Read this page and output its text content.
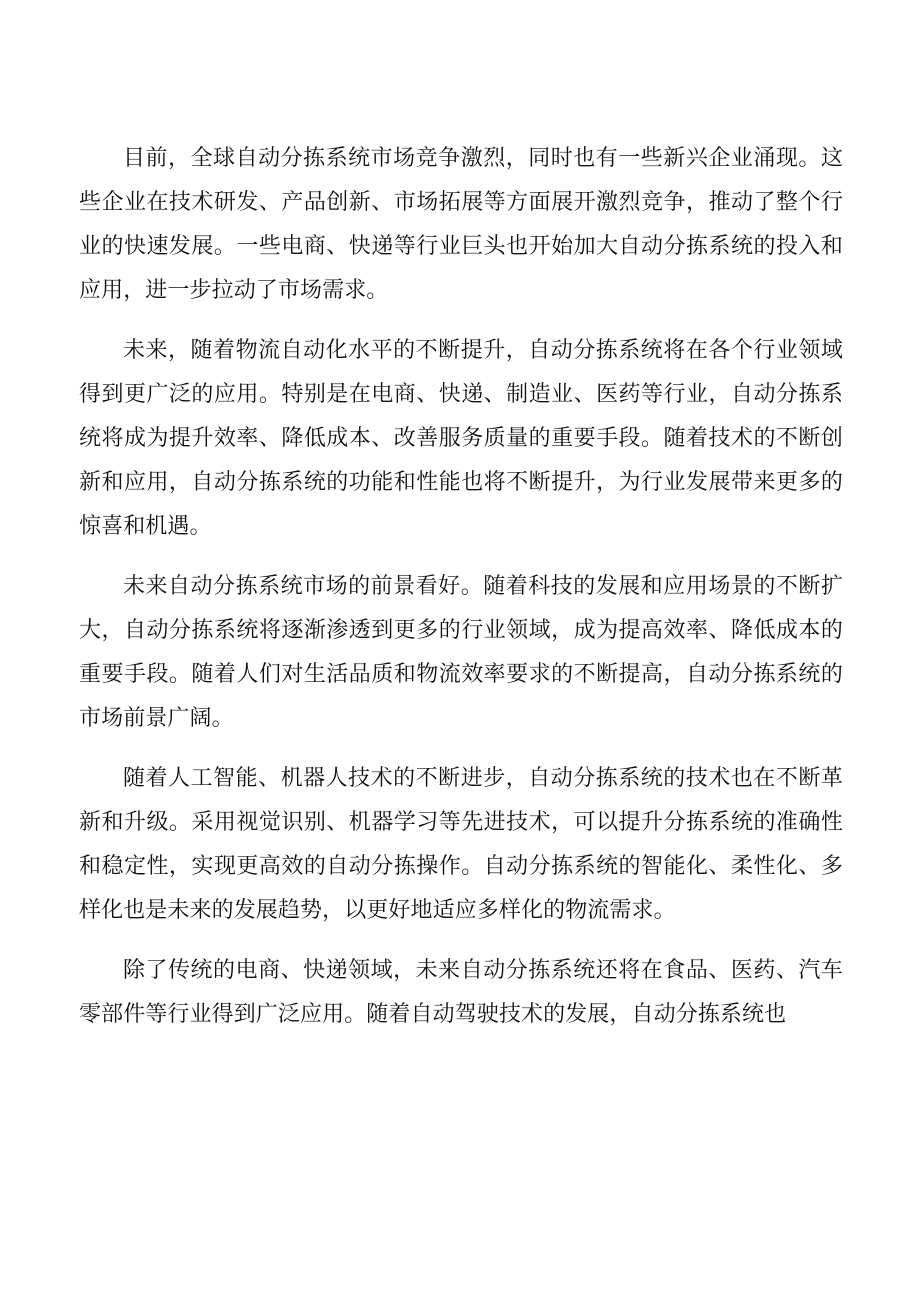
目前，全球自动分拣系统市场竞争激烈，同时也有一些新兴企业涌现。这些企业在技术研发、产品创新、市场拓展等方面展开激烈竞争，推动了整个行业的快速发展。一些电商、快递等行业巨头也开始加大自动分拣系统的投入和应用，进一步拉动了市场需求。

未来，随着物流自动化水平的不断提升，自动分拣系统将在各个行业领域得到更广泛的应用。特别是在电商、快递、制造业、医药等行业，自动分拣系统将成为提升效率、降低成本、改善服务质量的重要手段。随着技术的不断创新和应用，自动分拣系统的功能和性能也将不断提升，为行业发展带来更多的惊喜和机遇。

未来自动分拣系统市场的前景看好。随着科技的发展和应用场景的不断扩大，自动分拣系统将逐渐渗透到更多的行业领域，成为提高效率、降低成本的重要手段。随着人们对生活品质和物流效率要求的不断提高，自动分拣系统的市场前景广阔。

随着人工智能、机器人技术的不断进步，自动分拣系统的技术也在不断革新和升级。采用视觉识别、机器学习等先进技术，可以提升分拣系统的准确性和稳定性，实现更高效的自动分拣操作。自动分拣系统的智能化、柔性化、多样化也是未来的发展趋势，以更好地适应多样化的物流需求。

除了传统的电商、快递领域，未来自动分拣系统还将在食品、医药、汽车零部件等行业得到广泛应用。随着自动驾驶技术的发展，自动分拣系统也
